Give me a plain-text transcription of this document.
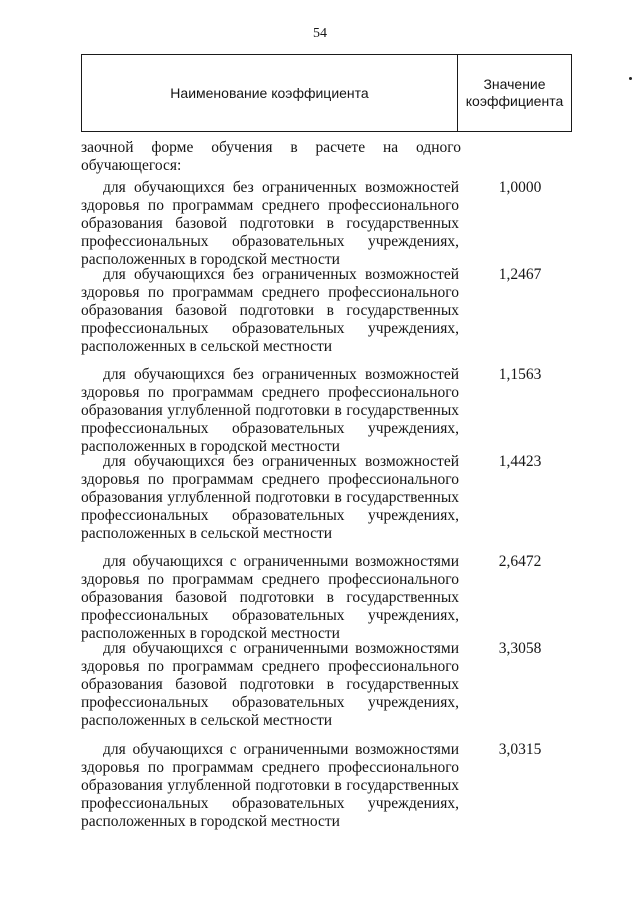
54
Наименование коэффициента
Значение
коэффициента
заочной форме обучения в расчете на одного обучающегося:
для обучающихся без ограниченных возможностей здоровья по программам среднего профессионального образования базовой подготовки в государственных профессиональных образовательных учреждениях, расположенных в городской местности
1,0000
для обучающихся без ограниченных возможностей здоровья по программам среднего профессионального образования базовой подготовки в государственных профессиональных образовательных учреждениях, расположенных в сельской местности
1,2467
для обучающихся без ограниченных возможностей здоровья по программам среднего профессионального образования углубленной подготовки в государственных профессиональных образовательных учреждениях, расположенных в городской местности
1,1563
для обучающихся без ограниченных возможностей здоровья по программам среднего профессионального образования углубленной подготовки в государственных профессиональных образовательных учреждениях, расположенных в сельской местности
1,4423
для обучающихся с ограниченными возможностями здоровья по программам среднего профессионального образования базовой подготовки в государственных профессиональных образовательных учреждениях, расположенных в городской местности
2,6472
для обучающихся с ограниченными возможностями здоровья по программам среднего профессионального образования базовой подготовки в государственных профессиональных образовательных учреждениях, расположенных в сельской местности
3,3058
для обучающихся с ограниченными возможностями здоровья по программам среднего профессионального образования углубленной подготовки в государственных профессиональных образовательных учреждениях, расположенных в городской местности
3,0315
